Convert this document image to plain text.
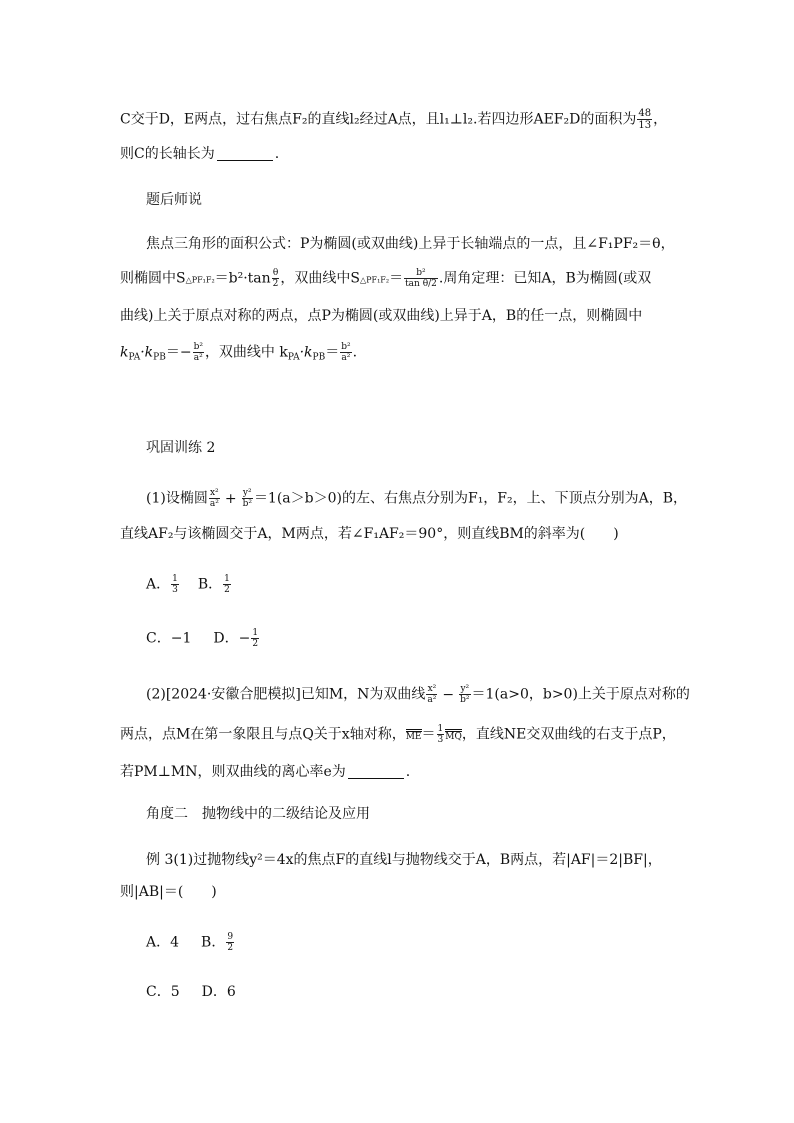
C交于D，E两点，过右焦点F₂的直线l₂经过A点，且l₁⊥l₂.若四边形AEF₂D的面积为 $\frac{48}{13}$ ，
则C的长轴长为	.
题后师说
焦点三角形的面积公式：P为椭圆(或双曲线)上异于长轴端点的一点，且∠F₁PF₂＝θ，
则椭圆中S△PF₁F₂＝b²·tan $\frac{\theta}{2}$ ，双曲线中S△PF₁F₂＝ $\frac{\text{b²}}{\text{tan θ/2}}$ .周角定理：已知A，B为椭圆(或双
曲线)上关于原点对称的两点，点P为椭圆(或双曲线)上异于A，B的任一点，则椭圆中
$k_{PA}\cdot k_{PB}=- \frac{\text{b²}}{\text{a²}}$ ，双曲线中 $k_{PA}\cdot k_{PB}= \frac{\text{b²}}{\text{a²}}$ .
巩固训练 2
(1)设椭圆 $\frac{\text{x²}}{\text{a²}} + \frac{\text{y²}}{\text{b²}} =1(a>b>0)$的左、右焦点分别为F₁，F₂，上、下顶点分别为A，B，
直线AF₂与该椭圆交于A，M两点，若∠F₁AF₂＝90°，则直线BM的斜率为(　　)
A． $\frac{1}{3}$ B． $\frac{1}{2}$
C．−1 D．− $\frac{1}{2}$
(2)[2024·安徽合肥模拟]已知M，N为双曲线 $\frac{\text{x²}}{\text{a²}} - \frac{\text{y²}}{\text{b²}} =1(a>0$，b>0)上关于原点对称的
两点，点M在第一象限且与点Q关于x轴对称，$ME= \frac{1}{3}$ MQ，直线NE交双曲线的右支于点P，
若PM⊥MN，则双曲线的离心率e为	.
角度二　抛物线中的二级结论及应用
例 3(1)过抛物线y²＝4x的焦点F的直线l与抛物线交于A，B两点，若|AF|＝2|BF|，
则|AB|＝(　　)
A．4 B． $\frac{9}{2}$
C．5 D．6
